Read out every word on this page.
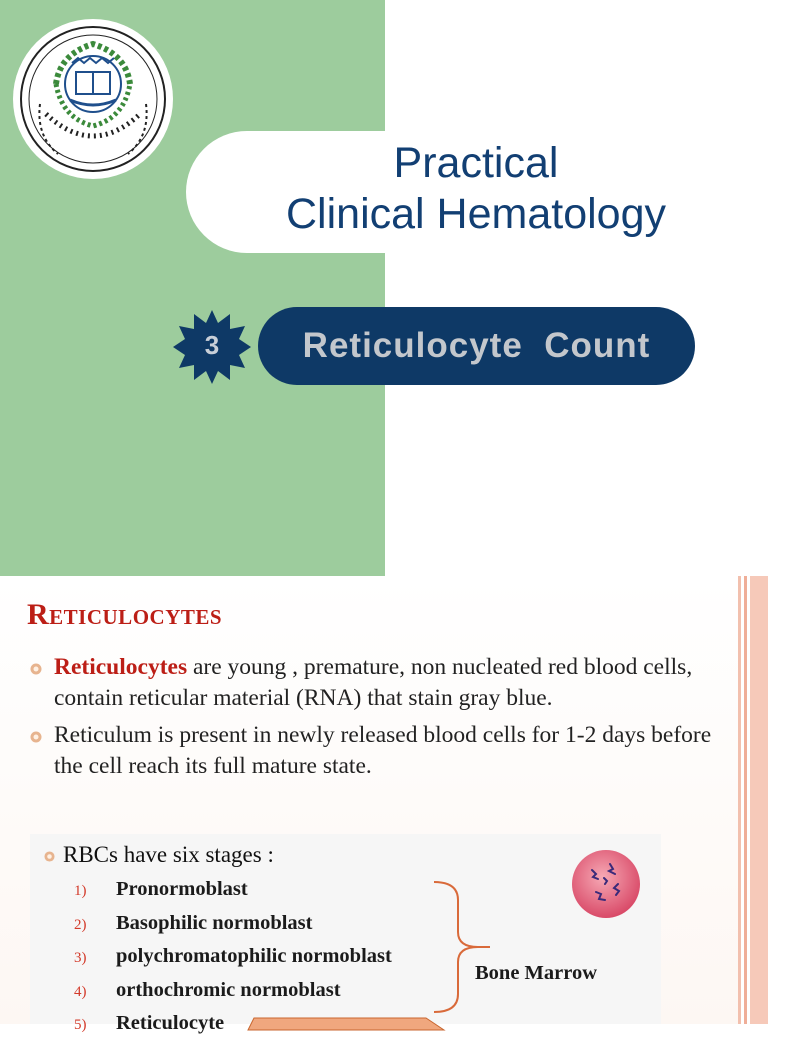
Practical
Clinical Hematology
3	Reticulocyte  Count
Reticulocytes
Reticulocytes are young , premature, non nucleated red blood cells, contain reticular material (RNA) that stain gray blue.
Reticulum is present in newly released blood cells for 1-2 days before the cell reach its full mature state.
RBCs have six stages :
1) Pronormoblast
2) Basophilic normoblast
3) polychromatophilic normoblast
4) orthochromic normoblast
5) Reticulocyte
Bone Marrow
